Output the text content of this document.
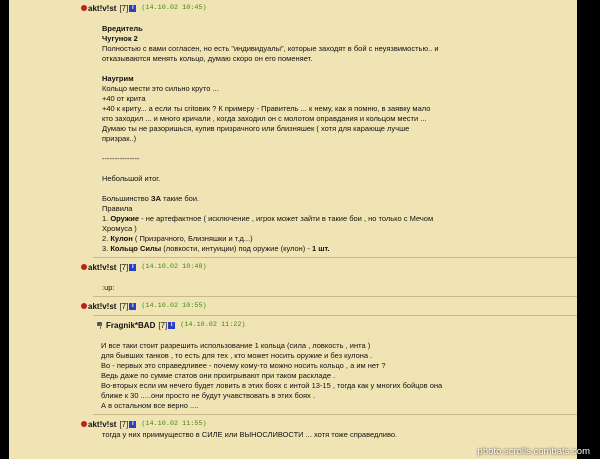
akt!v!st [7] i	(14.10.02 10:45)
Вредитель
Чугунок 2
Полностью с вами согласен, но есть "индивидуалы", которые заходят в бой с неуязвимостью.. и
отказываются менять кольцо, думаю скоро он его поменяет.
Наугрим
Кольцо мести это сильно круто ...
+40 от крита
+40 к криту... а если ты critовик ? К примеру - Правитель ... к нему, как я помню, в заявку мало
кто заходил ... и многo кричали , когда заходил он с молотом оправдания и кольцом мести ...
Думаю ты не разоришься, купив призрачного или близняшек ( хотя для карающе лучше
призрак..)
---------------
Небольшой итог.
Большинство ЗА такие бои.
Правила
1. Оружие - не артефактное ( исключение , игрок может зайти в такие бои , но только с Мечом
Хромуса )
2. Кулон ( Призрачного, Близняшки и т.д...)
3. Кольцо Силы (ловкости, интуиции) под оружие (кулон) - 1 шт.
akt!v!st [7] i	(14.10.02 10:48)
:up:
akt!v!st [7] i	(14.10.02 10:55)
Fragnik*BAD [7] i	(14.10.02 11:22)
И все таки стоит разрешить использование 1 кольца (сила , ловкость , инта )
для бывших танков , то есть для тех , кто может носить оружие и без кулона .
Во - первых это справедливее - почему кому-то можно носить кольцо , а им нет ?
Ведь даже по сумме статов они проигрывают при таком раскладе .
Во-вторых если им нечего будет ловить в этих боях с интой 13-15 , тогда как у многих бойцов она
ближе к 30 .....они просто не будут учавствовать в этих боях .
А в остальном все верно ....
akt!v!st [7] i	(14.10.02 11:55)
тогда у них приимущество в СИЛЕ или ВЫНОСЛИВОСТИ ... хотя тоже справедливо.
photo.scrolls.combats.com
